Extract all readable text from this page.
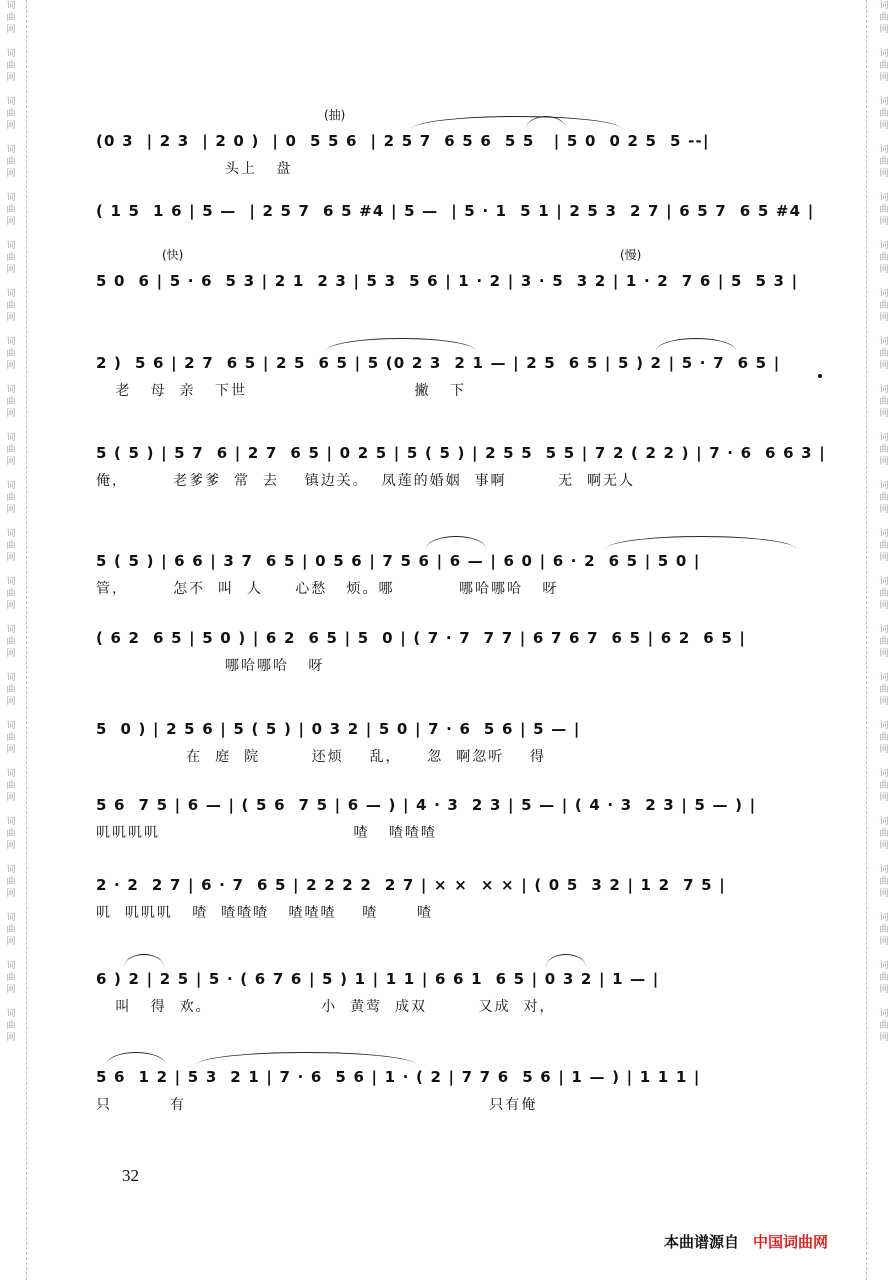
词
曲
网

词
曲
网

词
曲
网

词
曲
网

词
曲
网

词
曲
网

词
曲
网

词
曲
网

词
曲
网

词
曲
网

词
曲
网

词
曲
网

词
曲
网

词
曲
网

词
曲
网

词
曲
网

词
曲
网

词
曲
网

词
曲
网

词
曲
网

词
曲
网

词
曲
网

词
曲
网

词
曲
网

词
曲
网

词
曲
网

词
曲
网

词
曲
网

词
曲
网

词
曲
网

词
曲
网

词
曲
网

词
曲
网

词
曲
网

词
曲
网

词
曲
网

词
曲
网

词
曲
网

词
曲
网

词
曲
网

词
曲
网

词
曲
网

词
曲
网

词
曲
网

(0 3  | 2 3  | 2 0 )  | 0  5 5 6  | 2 5 7  6 5 6  5 5   | 5 0  0 2 5  5 --|
头上   盘
(抽)
( 1 5  1 6 | 5 —  | 2 5 7  6 5 #4 | 5 —  | 5 · 1  5 1 | 2 5 3  2 7 | 6 5 7  6 5 #4 |
5 0  6 | 5 · 6  5 3 | 2 1  2 3 | 5 3  5 6 | 1 · 2 | 3 · 5  3 2 | 1 · 2  7 6 | 5  5 3 |
(快)	(慢)
2 )  5 6 | 2 7  6 5 | 2 5  6 5 | 5 (0 2 3  2 1 — | 2 5  6 5 | 5 ) 2 | 5 · 7  6 5 |
老   母  亲   下世                          撇   下
5 ( 5 ) | 5 7  6 | 2 7  6 5 | 0 2 5 | 5 ( 5 ) | 2 5 5  5 5 | 7 2 ( 2 2 ) | 7 · 6  6 6 3 |
俺，       老爹爹  常  去    镇边关。  凤莲的婚姻  事啊        无  啊无人
5 ( 5 ) | 6 6 | 3 7  6 5 | 0 5 6 | 7 5 6 | 6 — | 6 0 | 6 · 2  6 5 | 5 0 |
管，       怎不  叫  人     心愁   烦。哪          哪哈哪哈   呀
( 6 2  6 5 | 5 0 ) | 6 2  6 5 | 5  0 | ( 7 · 7  7 7 | 6 7 6 7  6 5 | 6 2  6 5 |
哪哈哪哈   呀
5  0 ) | 2 5 6 | 5 ( 5 ) | 0 3 2 | 5 0 | 7 · 6  5 6 | 5 — |
在  庭  院        还烦    乱，    忽  啊忽听    得
5 6  7 5 | 6 — | ( 5 6  7 5 | 6 — ) | 4 · 3  2 3 | 5 — | ( 4 · 3  2 3 | 5 — ) |
叽叽叽叽                              喳   喳喳喳
2 · 2  2 7 | 6 · 7  6 5 | 2 2 2 2  2 7 | × ×  × × | ( 0 5  3 2 | 1 2  7 5 |
叽  叽叽叽   喳  喳喳喳   喳喳喳    喳      喳
6 ) 2 | 2 5 | 5 · ( 6 7 6 | 5 ) 1 | 1 1 | 6 6 1  6 5 | 0 3 2 | 1 — |
叫   得  欢。                 小  黄莺  成双        又成  对，
5 6  1 2 | 5 3  2 1 | 7 · 6  5 6 | 1 · ( 2 | 7 7 6  5 6 | 1 — ) | 1 1 1 |
只         有                                               只有俺
32
本曲谱源自 中国词曲网
